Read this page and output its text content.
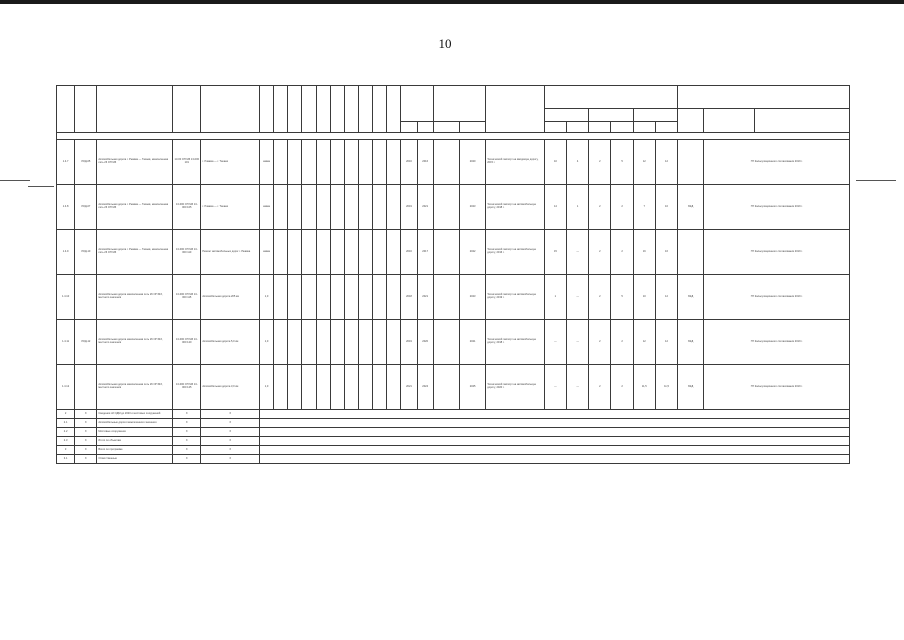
10

1.4.7	ЛОД-05	Автомобильная дорога г. Ржавка — Тахаев, межселенная сеть 26 ОП МЗ	13-00 ОП МЗ 13-000 101	г. Ржавка — г. Тахаев	аявка										2016	2016		2020	Технический паспорт на вводимую дорогу, 2015 г.	10	4	2	5	12	12		ГП Калькуляционного согласования 2019 г.	
1.4.8	ЛОД-07	Автомобильная дорога г. Ржавка — Тахаев, межселенная сеть 26 ОП МЗ	13-000 ОП МЗ 13-000 105	г. Ржавка — г. Тахаев	аявка										2019	2021		2023	Технический паспорт на автомобильную дорогу, 2018 г.	14	1	2	2	7	10	БКД	ГП Калькуляционного согласования 2019 г.	
1.4.9	ЛОД-10	Автомобильная дорога г. Ржавка — Тахаев, межселенная сеть 26 ОП МЗ	13-000 ОП МЗ 13-000 110	Ремонт автомобильных дорог г. Ржавка	аявка										2016	2017		2022	Технический паспорт на автомобильную дорогу, 2016 г.	15	—	2	2	16	16		ГП Калькуляционного согласования 2019 г.	
1.4.10		Автомобильная дорога межселенная сеть 26 ОП МЗ, местного значения	13-000 ОП МЗ 13-000 115	Автомобильная дорога 205 км	1,0										2018	2021		2023	Технический паспорт на автомобильную дорогу, 2019 г.	1	—	2	5	10	12	БКД	ГП Калькуляционного согласования 2019 г.	
1.4.11	ЛОД-12	Автомобильная дорога межселенная сеть 26 ОП МЗ, местного значения	13-000 ОП МЗ 13-000 120	Автомобильная дорога 5,0 км	1,0										2019	2020		2021	Технический паспорт на автомобильную дорогу, 2018 г.	—	—	2	2	12	12	БКД	ГП Калькуляционного согласования 2019 г.	
1.4.12		Автомобильная дорога межселенная сеть 26 ОП МЗ, местного значения	13-000 ОП МЗ 13-000 125	Автомобильная дорога 3,0 км	1,0										2021	2024		2025	Технический паспорт на автомобильную дорогу, 2020 г.	—	—	2	2	11,5	11,5	БКД	ГП Калькуляционного согласования 2019 г.	
2	X	Сведения об ОДМ до 2020 и мостовых сооружений	X	X																								
2.1	X	Автомобильные дороги межселенного значения	X	X																								
2.2	X	Мостовые сооружения	X	X																								
2.3	X	Итого по объектам	X	X																								
3	X	Всего по программе	X	X																								
3.1	X	Ответственные	X	X																								
